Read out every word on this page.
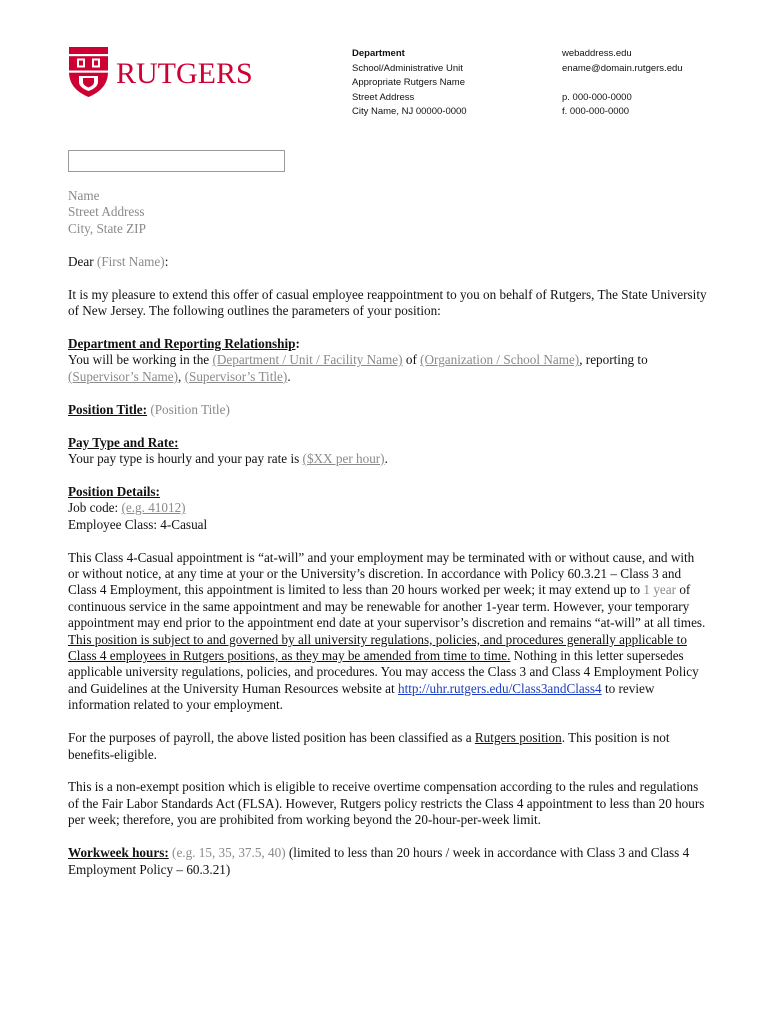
RUTGERS
Department
School/Administrative Unit
Appropriate Rutgers Name
Street Address
City Name, NJ 00000-0000
webaddress.edu
ename@domain.rutgers.edu
p. 000-000-0000
f. 000-000-0000
Name
Street Address
City, State ZIP

Dear (First Name):

It is my pleasure to extend this offer of casual employee reappointment to you on behalf of Rutgers, The State University of New Jersey. The following outlines the parameters of your position:

Department and Reporting Relationship:
You will be working in the (Department / Unit / Facility Name) of (Organization / School Name), reporting to (Supervisor’s Name), (Supervisor’s Title).

Position Title: (Position Title)

Pay Type and Rate:
Your pay type is hourly and your pay rate is ($XX per hour).

Position Details:
Job code: (e.g. 41012)
Employee Class: 4-Casual

This Class 4-Casual appointment is “at-will” and your employment may be terminated with or without cause, and with or without notice, at any time at your or the University’s discretion. In accordance with Policy 60.3.21 – Class 3 and Class 4 Employment, this appointment is limited to less than 20 hours worked per week; it may extend up to 1 year of continuous service in the same appointment and may be renewable for another 1-year term. However, your temporary appointment may end prior to the appointment end date at your supervisor’s discretion and remains “at-will” at all times. This position is subject to and governed by all university regulations, policies, and procedures generally applicable to Class 4 employees in Rutgers positions, as they may be amended from time to time. Nothing in this letter supersedes applicable university regulations, policies, and procedures. You may access the Class 3 and Class 4 Employment Policy and Guidelines at the University Human Resources website at http://uhr.rutgers.edu/Class3andClass4 to review information related to your employment.

For the purposes of payroll, the above listed position has been classified as a Rutgers position. This position is not benefits-eligible.

This is a non-exempt position which is eligible to receive overtime compensation according to the rules and regulations of the Fair Labor Standards Act (FLSA). However, Rutgers policy restricts the Class 4 appointment to less than 20 hours per week; therefore, you are prohibited from working beyond the 20-hour-per-week limit.

Workweek hours: (e.g. 15, 35, 37.5, 40) (limited to less than 20 hours / week in accordance with Class 3 and Class 4 Employment Policy – 60.3.21)
